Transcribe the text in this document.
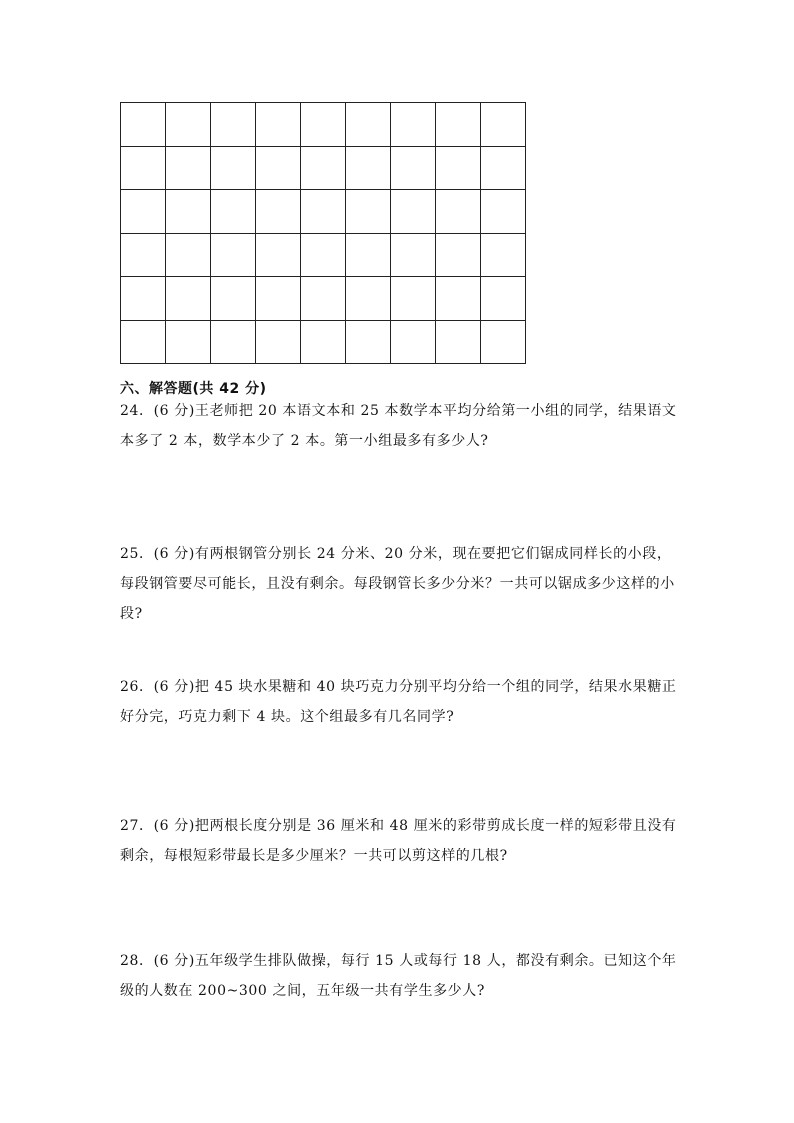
六、解答题(共 42 分)
24．(6 分)王老师把 20 本语文本和 25 本数学本平均分给第一小组的同学，结果语文本多了 2 本，数学本少了 2 本。第一小组最多有多少人?
25．(6 分)有两根钢管分别长 24 分米、20 分米，现在要把它们锯成同样长的小段，每段钢管要尽可能长，且没有剩余。每段钢管长多少分米？一共可以锯成多少这样的小段?
26．(6 分)把 45 块水果糖和 40 块巧克力分别平均分给一个组的同学，结果水果糖正好分完，巧克力剩下 4 块。这个组最多有几名同学?
27．(6 分)把两根长度分别是 36 厘米和 48 厘米的彩带剪成长度一样的短彩带且没有剩余，每根短彩带最长是多少厘米？一共可以剪这样的几根?
28．(6 分)五年级学生排队做操，每行 15 人或每行 18 人，都没有剩余。已知这个年级的人数在 200~300 之间，五年级一共有学生多少人?
